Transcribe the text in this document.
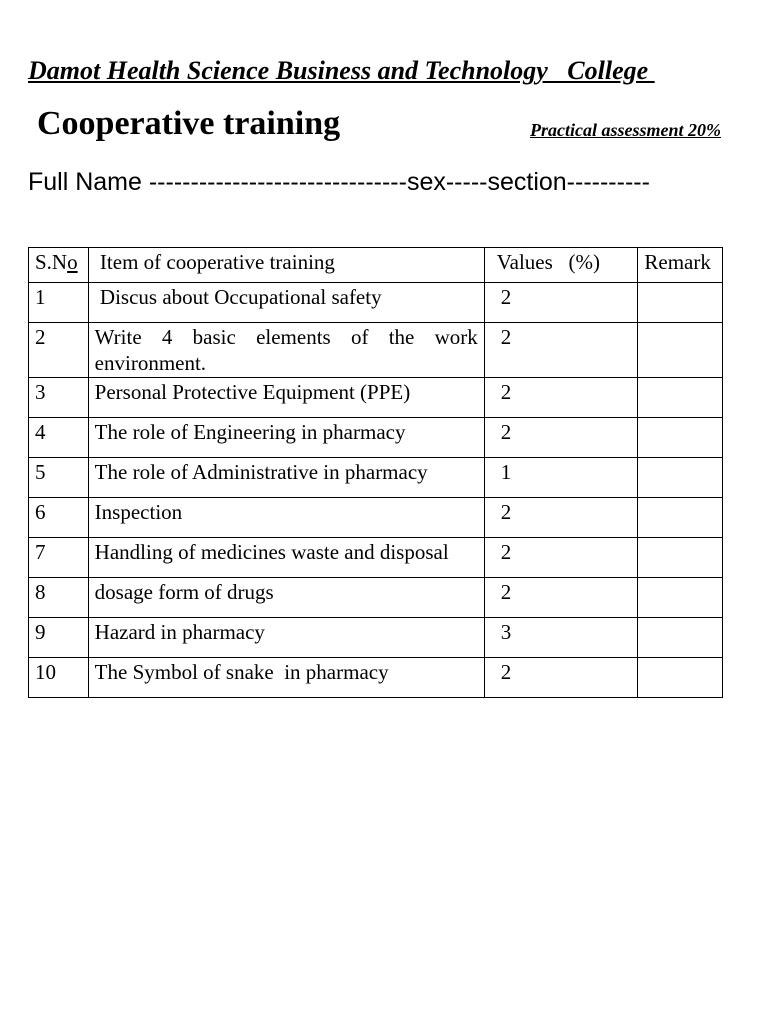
Damot Health Science Business and Technology   College
Cooperative training	Practical assessment 20%
Full Name -------------------------------sex-----section----------
S.No	Item of cooperative training	Values   (%)	Remark
1	Discus about Occupational safety	2	
2	Write 4 basic elements of the work environment.	2	
3	Personal Protective Equipment (PPE)	2	
4	The role of Engineering in pharmacy	2	
5	The role of Administrative in pharmacy	1	
6	Inspection	2	
7	Handling of medicines waste and disposal	2	
8	dosage form of drugs	2	
9	Hazard in pharmacy	3	
10	The Symbol of snake  in pharmacy	2	
